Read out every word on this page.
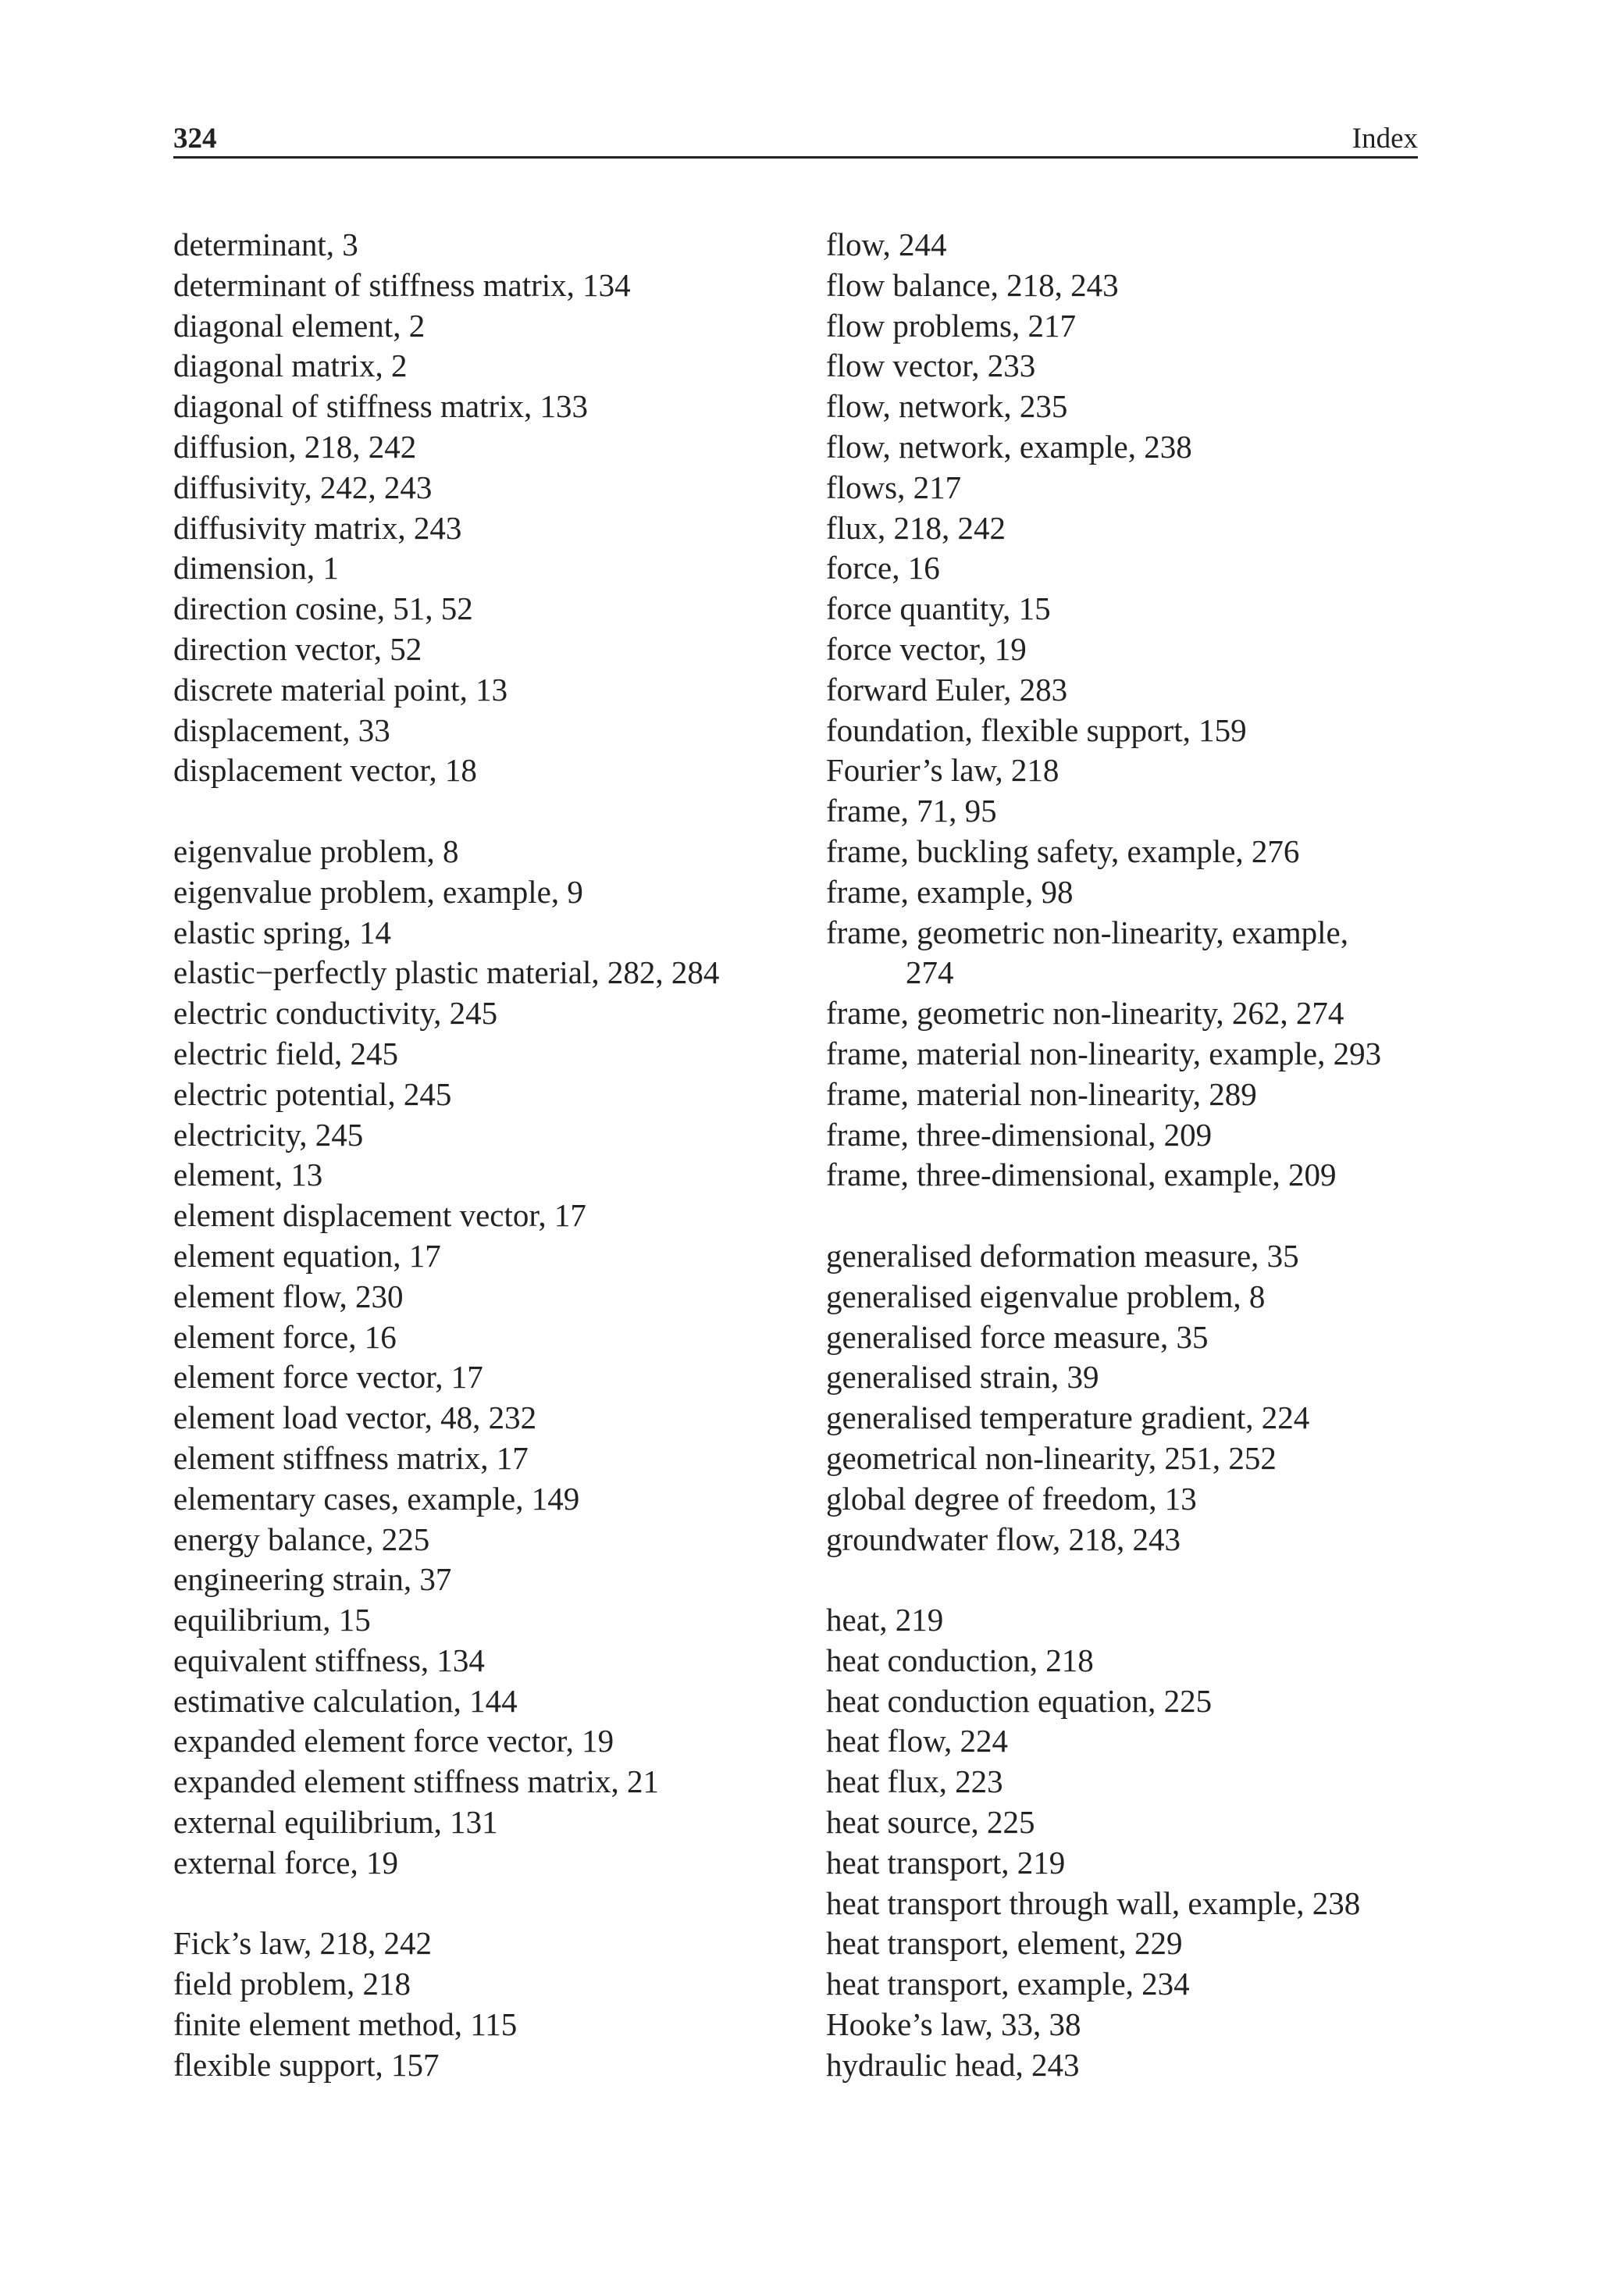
324	Index
determinant, 3
determinant of stiffness matrix, 134
diagonal element, 2
diagonal matrix, 2
diagonal of stiffness matrix, 133
diffusion, 218, 242
diffusivity, 242, 243
diffusivity matrix, 243
dimension, 1
direction cosine, 51, 52
direction vector, 52
discrete material point, 13
displacement, 33
displacement vector, 18
eigenvalue problem, 8
eigenvalue problem, example, 9
elastic spring, 14
elastic−perfectly plastic material, 282, 284
electric conductivity, 245
electric field, 245
electric potential, 245
electricity, 245
element, 13
element displacement vector, 17
element equation, 17
element flow, 230
element force, 16
element force vector, 17
element load vector, 48, 232
element stiffness matrix, 17
elementary cases, example, 149
energy balance, 225
engineering strain, 37
equilibrium, 15
equivalent stiffness, 134
estimative calculation, 144
expanded element force vector, 19
expanded element stiffness matrix, 21
external equilibrium, 131
external force, 19
Fick’s law, 218, 242
field problem, 218
finite element method, 115
flexible support, 157
flow, 244
flow balance, 218, 243
flow problems, 217
flow vector, 233
flow, network, 235
flow, network, example, 238
flows, 217
flux, 218, 242
force, 16
force quantity, 15
force vector, 19
forward Euler, 283
foundation, flexible support, 159
Fourier’s law, 218
frame, 71, 95
frame, buckling safety, example, 276
frame, example, 98
frame, geometric non-linearity, example,
274
frame, geometric non-linearity, 262, 274
frame, material non-linearity, example, 293
frame, material non-linearity, 289
frame, three-dimensional, 209
frame, three-dimensional, example, 209
generalised deformation measure, 35
generalised eigenvalue problem, 8
generalised force measure, 35
generalised strain, 39
generalised temperature gradient, 224
geometrical non-linearity, 251, 252
global degree of freedom, 13
groundwater flow, 218, 243
heat, 219
heat conduction, 218
heat conduction equation, 225
heat flow, 224
heat flux, 223
heat source, 225
heat transport, 219
heat transport through wall, example, 238
heat transport, element, 229
heat transport, example, 234
Hooke’s law, 33, 38
hydraulic head, 243
